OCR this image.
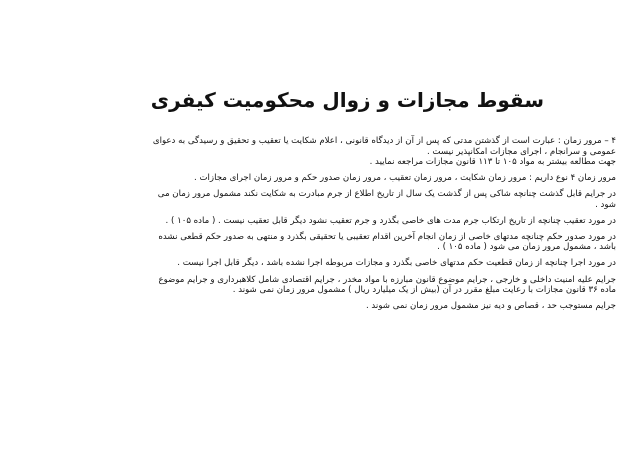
سقوط مجازات و زوال محکومیت کیفری

۴ – مرور زمان : عبارت است از گذشتن مدتی که پس از آن از دیدگاه قانونی ، اعلام شکایت یا تعقیب و تحقیق و رسیدگی به دعوای
عمومی و سرانجام ، اجرای مجازات امکانپذیر نیست .
جهت مطالعه بیشتر به مواد ۱۰۵ تا ۱۱۳ قانون مجازات مراجعه نمایید .

مرور زمان ۴ نوع داریم : مرور زمان شکایت ، مرور زمان تعقیب ، مرور زمان صدور حکم و مرور زمان اجرای مجازات .

در جرایم قابل گذشت چنانچه شاکی پس از گذشت یک سال از تاریخ اطلاع از جرم مبادرت به شکایت نکند مشمول مرور زمان می
شود .

در مورد تعقیب چنانچه از تاریخ ارتکاب جرم مدت های خاصی بگذرد و جرم تعقیب نشود دیگر قابل تعقیب نیست . ( ماده ۱۰۵ ) .

در مورد صدور حکم چنانچه مدتهای خاصی از زمان انجام آخرین اقدام تعقیبی یا تحقیقی بگذرد و منتهی به صدور حکم قطعی نشده
باشد ، مشمول مرور زمان می شود ( ماده ۱۰۵ ) .

در مورد اجرا چنانچه از زمان قطعیت حکم مدتهای خاصی بگذرد و مجازات مربوطه اجرا نشده باشد ، دیگر قابل اجرا نیست .

جرایم علیه امنیت داخلی و خارجی ، جرایم موضوع قانون مبارزه با مواد مخدر ، جرایم اقتصادی شامل کلاهبرداری و جرایم موضوع
ماده ۳۶ قانون مجازات با رعایت مبلغ مقرر در آن (بیش از یک میلیارد ریال ) مشمول مرور زمان نمی شوند .

جرایم مستوجب حد ، قصاص و دیه نیز مشمول مرور زمان نمی شوند .
